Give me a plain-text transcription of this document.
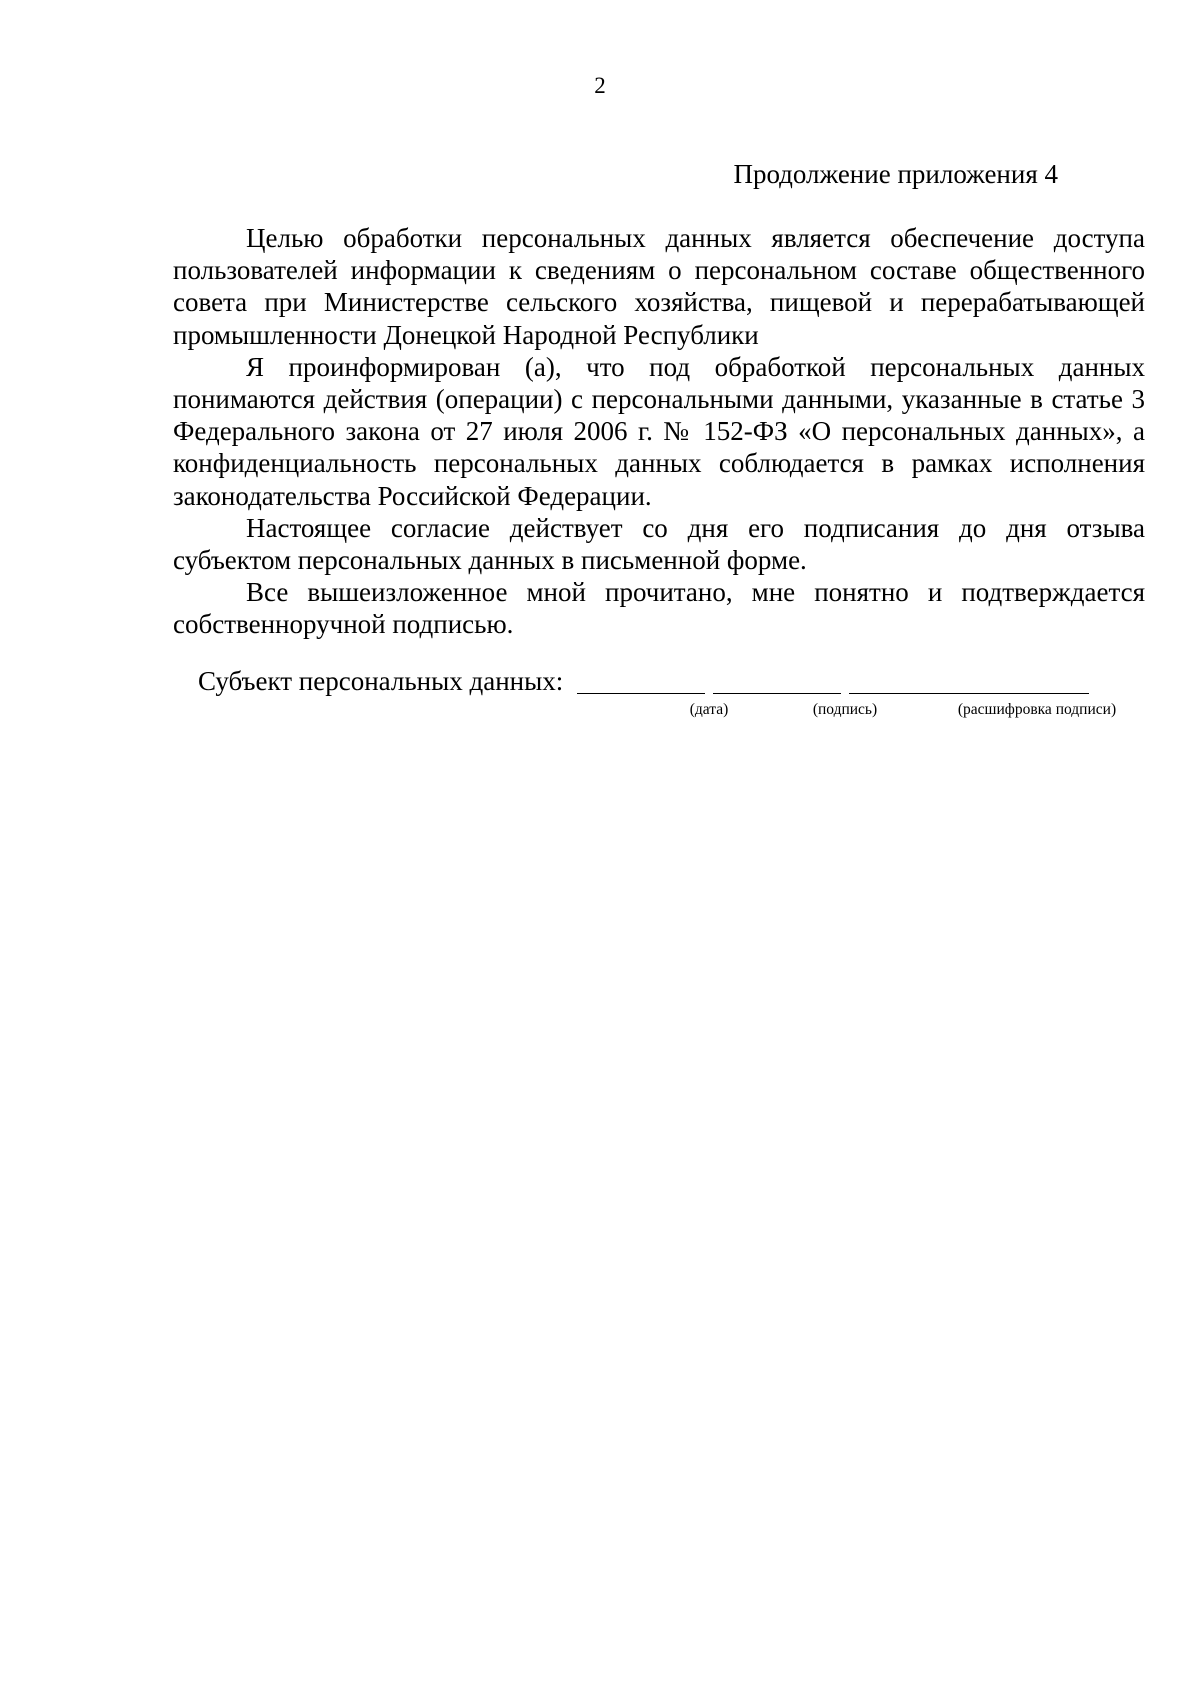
2
Продолжение приложения 4

Целью обработки персональных данных является обеспечение доступа пользователей информации к сведениям о персональном составе общественного совета при Министерстве сельского хозяйства, пищевой и перерабатывающей промышленности Донецкой Народной Республики

Я проинформирован (а), что под обработкой персональных данных понимаются действия (операции) с персональными данными, указанные в статье 3 Федерального закона от 27 июля 2006 г. № 152-ФЗ «О персональных данных», а конфиденциальность персональных данных соблюдается в рамках исполнения законодательства Российской Федерации.

Настоящее согласие действует со дня его подписания до дня отзыва субъектом персональных данных в письменной форме.

Все вышеизложенное мной прочитано, мне понятно и подтверждается собственноручной подписью.

Субъект персональных данных:
(дата)	(подпись)	(расшифровка подписи)
